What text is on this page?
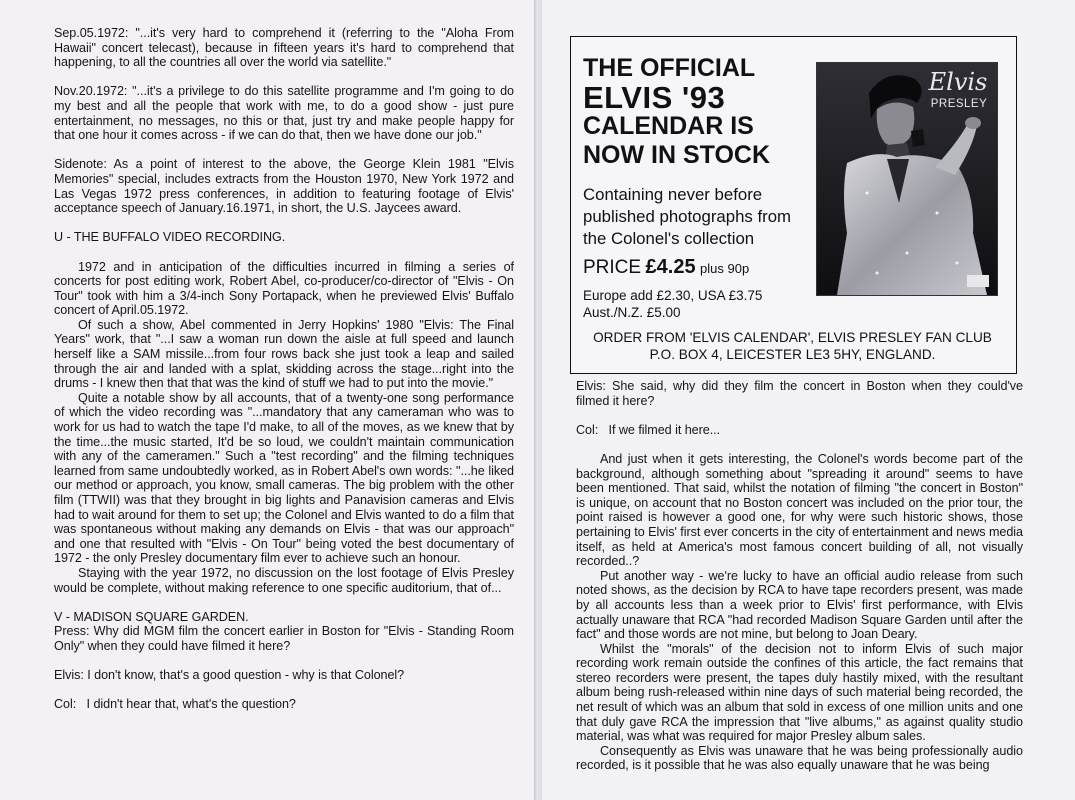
Sep.05.1972: "...it's very hard to comprehend it (referring to the "Aloha From Hawaii" concert telecast), because in fifteen years it's hard to comprehend that happening, to all the countries all over the world via satellite."

Nov.20.1972: "...it's a privilege to do this satellite programme and I'm going to do my best and all the people that work with me, to do a good show - just pure entertainment, no messages, no this or that, just try and make people happy for that one hour it comes across - if we can do that, then we have done our job."

Sidenote: As a point of interest to the above, the George Klein 1981 "Elvis Memories" special, includes extracts from the Houston 1970, New York 1972 and Las Vegas 1972 press conferences, in addition to featuring footage of Elvis' acceptance speech of January.16.1971, in short, the U.S. Jaycees award.

U - THE BUFFALO VIDEO RECORDING.

1972 and in anticipation of the difficulties incurred in filming a series of concerts for post editing work, Robert Abel, co-producer/co-director of "Elvis - On Tour" took with him a 3/4-inch Sony Portapack, when he previewed Elvis' Buffalo concert of April.05.1972.

Of such a show, Abel commented in Jerry Hopkins' 1980 "Elvis: The Final Years" work, that "...I saw a woman run down the aisle at full speed and launch herself like a SAM missile...from four rows back she just took a leap and sailed through the air and landed with a splat, skidding across the stage...right into the drums - I knew then that that was the kind of stuff we had to put into the movie."

Quite a notable show by all accounts, that of a twenty-one song performance of which the video recording was "...mandatory that any cameraman who was to work for us had to watch the tape I'd make, to all of the moves, as we knew that by the time...the music started, It'd be so loud, we couldn't maintain communication with any of the cameramen." Such a "test recording" and the filming techniques learned from same undoubtedly worked, as in Robert Abel's own words: "...he liked our method or approach, you know, small cameras. The big problem with the other film (TTWII) was that they brought in big lights and Panavision cameras and Elvis had to wait around for them to set up; the Colonel and Elvis wanted to do a film that was spontaneous without making any demands on Elvis - that was our approach" and one that resulted with "Elvis - On Tour" being voted the best documentary of 1972 - the only Presley documentary film ever to achieve such an honour.

Staying with the year 1972, no discussion on the lost footage of Elvis Presley would be complete, without making reference to one specific auditorium, that of...

V - MADISON SQUARE GARDEN.

Press: Why did MGM film the concert earlier in Boston for "Elvis - Standing Room Only" when they could have filmed it here?

Elvis: I don't know, that's a good question - why is that Colonel?

Col:   I didn't hear that, what's the question?

THE OFFICIAL
ELVIS '93
CALENDAR IS
NOW IN STOCK
Containing never before
published photographs from
the Colonel's collection
PRICE £4.25 plus 90p
Europe add £2.30, USA £3.75
Aust./N.Z. £5.00
Elvis
PRESLEY
ORDER FROM 'ELVIS CALENDAR', ELVIS PRESLEY FAN CLUB
P.O. BOX 4, LEICESTER LE3 5HY, ENGLAND.

Elvis: She said, why did they film the concert in Boston when they could've filmed it here?

Col:   If we filmed it here...

And just when it gets interesting, the Colonel's words become part of the background, although something about "spreading it around" seems to have been mentioned. That said, whilst the notation of filming "the concert in Boston" is unique, on account that no Boston concert was included on the prior tour, the point raised is however a good one, for why were such historic shows, those pertaining to Elvis' first ever concerts in the city of entertainment and news media itself, as held at America's most famous concert building of all, not visually recorded..?

Put another way - we're lucky to have an official audio release from such noted shows, as the decision by RCA to have tape recorders present, was made by all accounts less than a week prior to Elvis' first performance, with Elvis actually unaware that RCA "had recorded Madison Square Garden until after the fact" and those words are not mine, but belong to Joan Deary.

Whilst the "morals" of the decision not to inform Elvis of such major recording work remain outside the confines of this article, the fact remains that stereo recorders were present, the tapes duly hastily mixed, with the resultant album being rush-released within nine days of such material being recorded, the net result of which was an album that sold in excess of one million units and one that duly gave RCA the impression that "live albums," as against quality studio material, was what was required for major Presley album sales.

Consequently as Elvis was unaware that he was being professionally audio recorded, is it possible that he was also equally unaware that he was being
